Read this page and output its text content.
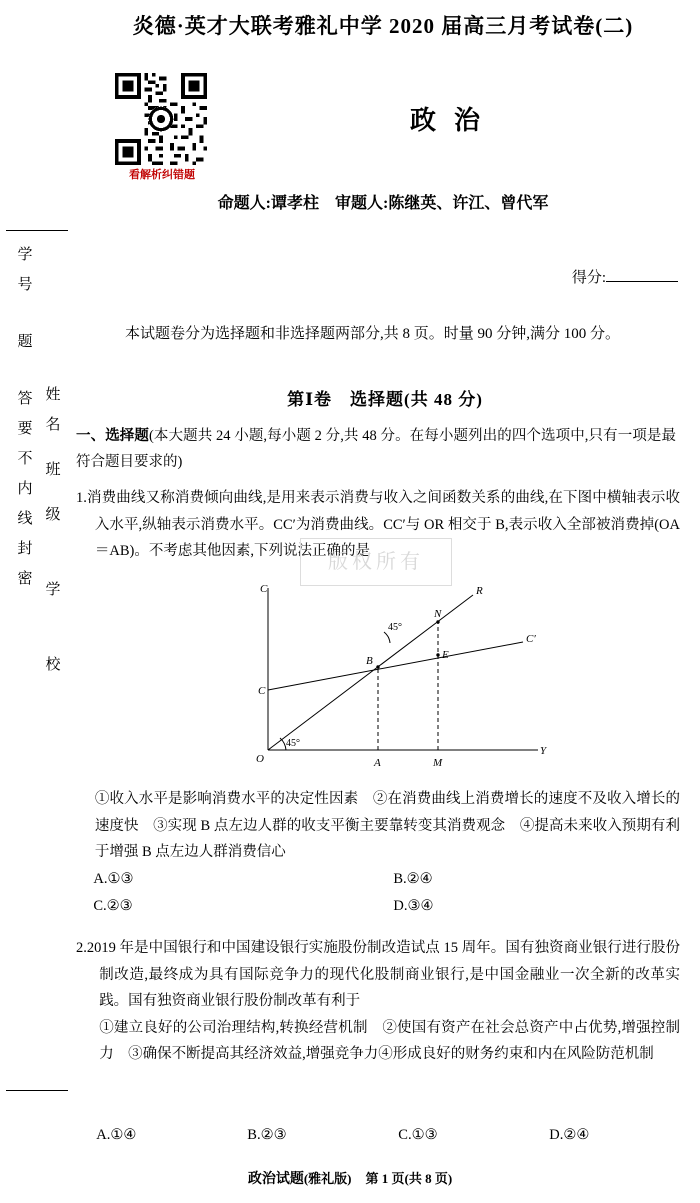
学
号
题
答
要
不
内
线
封
密
姓
名
班
级
学
校
炎德·英才大联考雅礼中学 2020 届高三月考试卷(二)
看解析纠错题
政治
命题人:谭孝柱　审题人:陈继英、许江、曾代军
得分:
本试题卷分为选择题和非选择题两部分,共 8 页。时量 90 分钟,满分 100 分。
第Ⅰ卷　选择题(共 48 分)
一、选择题(本大题共 24 小题,每小题 2 分,共 48 分。在每小题列出的四个选项中,只有一项是最符合题目要求的)
1.消费曲线又称消费倾向曲线,是用来表示消费与收入之间函数关系的曲线,在下图中横轴表示收入水平,纵轴表示消费水平。CC′为消费曲线。CC′与 OR 相交于 B,表示收入全部被消费掉(OA＝AB)。不考虑其他因素,下列说法正确的是
版权所有
C	R
N
45°
B	E
C
C′
O
45°
A	M
Y
①收入水平是影响消费水平的决定性因素　②在消费曲线上消费增长的速度不及收入增长的速度快　③实现 B 点左边人群的收支平衡主要靠转变其消费观念　④提高未来收入预期有利于增强 B 点左边人群消费信心
A.①③	B.②④
C.②③	D.③④
2.2019 年是中国银行和中国建设银行实施股份制改造试点 15 周年。国有独资商业银行进行股份制改造,最终成为具有国际竞争力的现代化股制商业银行,是中国金融业一次全新的改革实践。国有独资商业银行股份制改革有利于
①建立良好的公司治理结构,转换经营机制　②使国有资产在社会总资产中占优势,增强控制力　③确保不断提高其经济效益,增强竞争力④形成良好的财务约束和内在风险防范机制
A.①④	B.②③	C.①③	D.②④
政治试题(雅礼版)　 第 1 页(共 8 页)
